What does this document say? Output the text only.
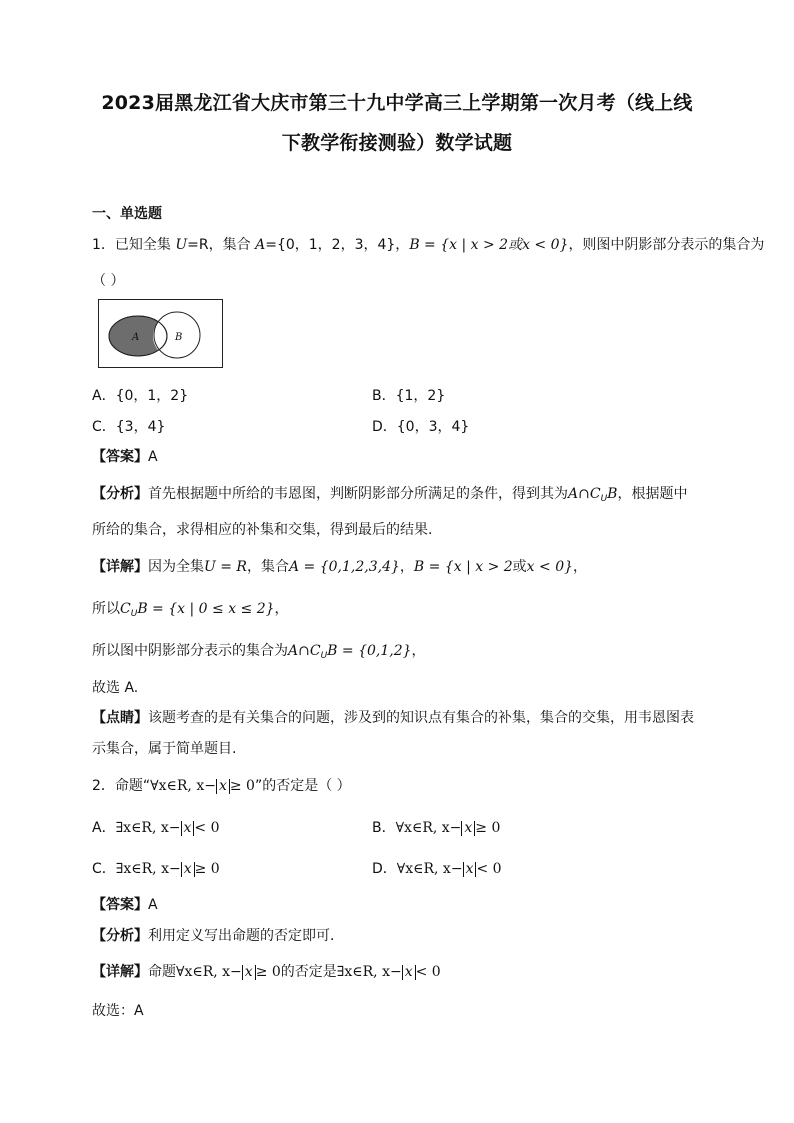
2023届黑龙江省大庆市第三十九中学高三上学期第一次月考（线上线
下教学衔接测验）数学试题
一、单选题
1．已知全集 U=R，集合 A={0，1，2，3，4}，B = {x | x > 2或x < 0}，则图中阴影部分表示的集合为
（ ）
A	B
A．{0，1，2}	B．{1，2}
C．{3，4}	D．{0，3，4}
【答案】A
【分析】首先根据题中所给的韦恩图，判断阴影部分所满足的条件，得到其为$A\cap C_UB$，根据题中
所给的集合，求得相应的补集和交集，得到最后的结果.
【详解】因为全集U = R，集合A = {0,1,2,3,4}，B = {x | x > 2或x < 0}，
所以$C_UB = \{x$ | 0 ≤ x ≤ 2}，
所以图中阴影部分表示的集合为$A\cap C_UB = \{0,1,2\}$，
故选 A.
【点睛】该题考查的是有关集合的问题，涉及到的知识点有集合的补集，集合的交集，用韦恩图表
示集合，属于简单题目.
2．命题“∀x∈R, x− x ≥ 0”的否定是（ ）
A．∃x∈R, x− x < 0	B．∀x∈R, x− x ≥ 0
C．∃x∈R, x− x ≥ 0	D．∀x∈R, x− x < 0
【答案】A
【分析】利用定义写出命题的否定即可．
【详解】命题∀x∈R, x− x ≥ 0的否定是∃x∈R, x− x < 0
故选：A
